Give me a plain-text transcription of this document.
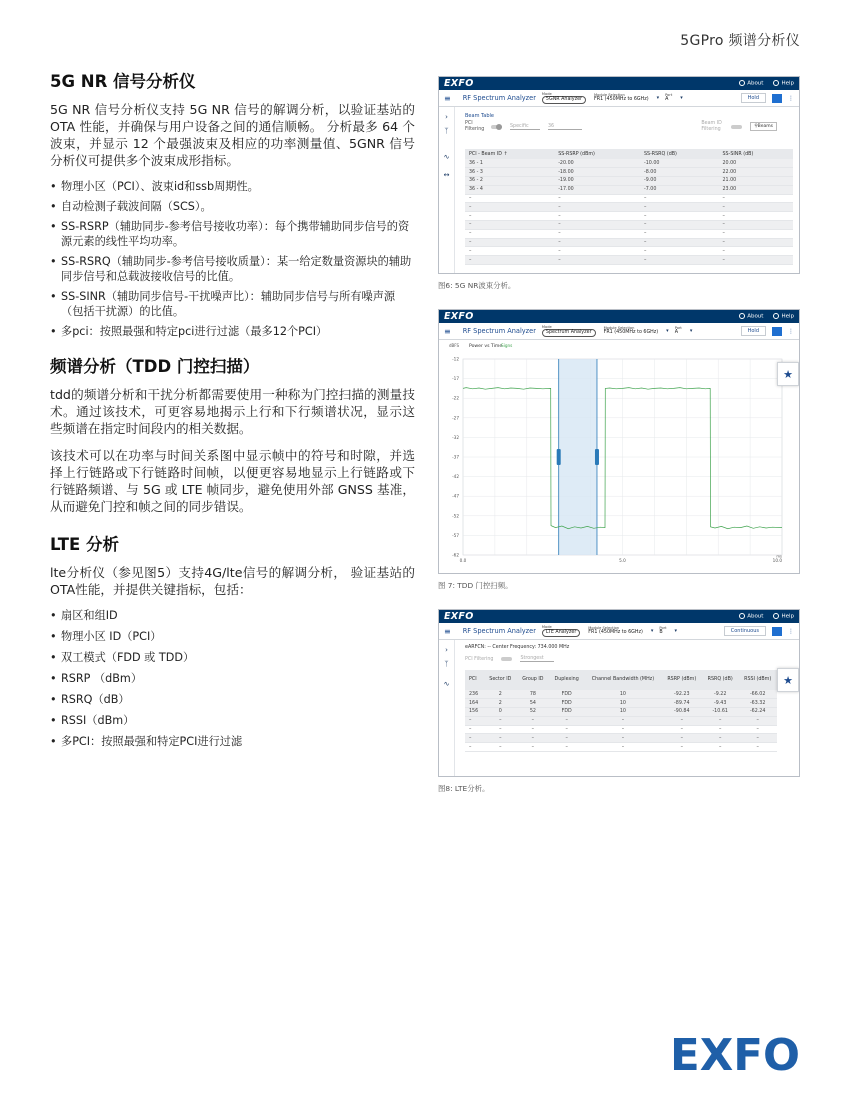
5GPro 频谱分析仪
5G NR 信号分析仪

5G NR 信号分析仪支持 5G NR 信号的解调分析，以验证基站的 OTA 性能，并确保与用户设备之间的通信顺畅。 分析最多 64 个波束，并显示 12 个最强波束及相应的功率测量值、5GNR 信号分析仪可提供多个波束成形指标。

• 物理小区（PCI）、波束id和ssb周期性。
• 自动检测子载波间隔（SCS）。
• SS-RSRP（辅助同步-参考信号接收功率）：每个携带辅助同步信号的资源元素的线性平均功率。
• SS-RSRQ（辅助同步-参考信号接收质量）：某一给定数量资源块的辅助同步信号和总载波接收信号的比值。
• SS-SINR（辅助同步信号-干扰噪声比）：辅助同步信号与所有噪声源（包括干扰源）的比值。
• 多pci：按照最强和特定pci进行过滤（最多12个PCI）
频谱分析（TDD 门控扫描）

tdd的频谱分析和干扰分析都需要使用一种称为门控扫描的测量技术。通过该技术，可更容易地揭示上行和下行频谱状况，显示这些频谱在指定时间段内的相关数据。

该技术可以在功率与时间关系图中显示帧中的符号和时隙，并选择上行链路或下行链路时间帧，以便更容易地显示上行链路或下行链路频谱、与 5G 或 LTE 帧同步，避免使用外部 GNSS 基准，从而避免门控和帧之间的同步错误。

LTE 分析

lte分析仪（参见图5）支持4G/lte信号的解调分析， 验证基站的OTA性能，并提供关键指标，包括：

• 扇区和组ID
• 物理小区 ID（PCI）
• 双工模式（FDD 或 TDD）
• RSRP （dBm）
• RSRQ（dB）
• RSSI（dBm）
• 多PCI：按照最强和特定PCI进行过滤
EXFO	About	Help
≡ RF Spectrum Analyzer Mode
5GNR Analyzer
Module Selection
FR1 (450MHz to 6GHz) ▾ Port
A	▾	Hold	⋮
›
ᛉ
∿
↔
Beam Table
PCI Filtering
Specific	36	Beam ID Filtering	⚲Beams
PCI - Beam ID ↑	SS-RSRP (dBm)	SS-RSRQ (dB)	SS-SINR (dB)
36 - 1	-20.00	-10.00	20.00
36 - 3	-18.00	-8.00	22.00
36 - 2	-19.00	-9.00	21.00
36 - 4	-17.00	-7.00	23.00
–	–	–	–
–	–	–	–
–	–	–	–
–	–	–	–
–	–	–	–
–	–	–	–
–	–	–	–
–	–	–	–
图6: 5G NR波束分析。
EXFO	About	Help
≡ RF Spectrum Analyzer Mode
Spectrum Analyzer
Module Selection
FR1 (450MHz to 6GHz) ▾ Port
A	▾	Hold	⋮
-12
-17
-22
-27
-32
-37
-42
-47
-52
-57
-62
0.0	5.0	10.0
dBFS Power vs Time
Signs
ms
★
图 7: TDD 门控扫频。
EXFO	About	Help
≡ RF Spectrum Analyzer Mode
LTE Analyzer
Module Selection
FR1 (450MHz to 6GHz) ▾ Port
B	▾	Continuous	⋮
›
ᛉ
∿
eARFCN: -- Center Frequency: 734.000 MHz
PCI Filtering	Strongest
PCI	Sector ID	Group ID	Duplexing	Channel Bandwidth (MHz)	RSRP (dBm)	RSRQ (dB)	RSSI (dBm)
236	2	78	FDD	10	-92.23	-9.22	-66.02
164	2	54	FDD	10	-89.74	-9.43	-63.32
156	0	52	FDD	10	-90.84	-10.61	-62.24
–	–	–	–	–	–	–	–
–	–	–	–	–	–	–	–
–	–	–	–	–	–	–	–
–	–	–	–	–	–	–	–
★
图8: LTE分析。
EXFO
